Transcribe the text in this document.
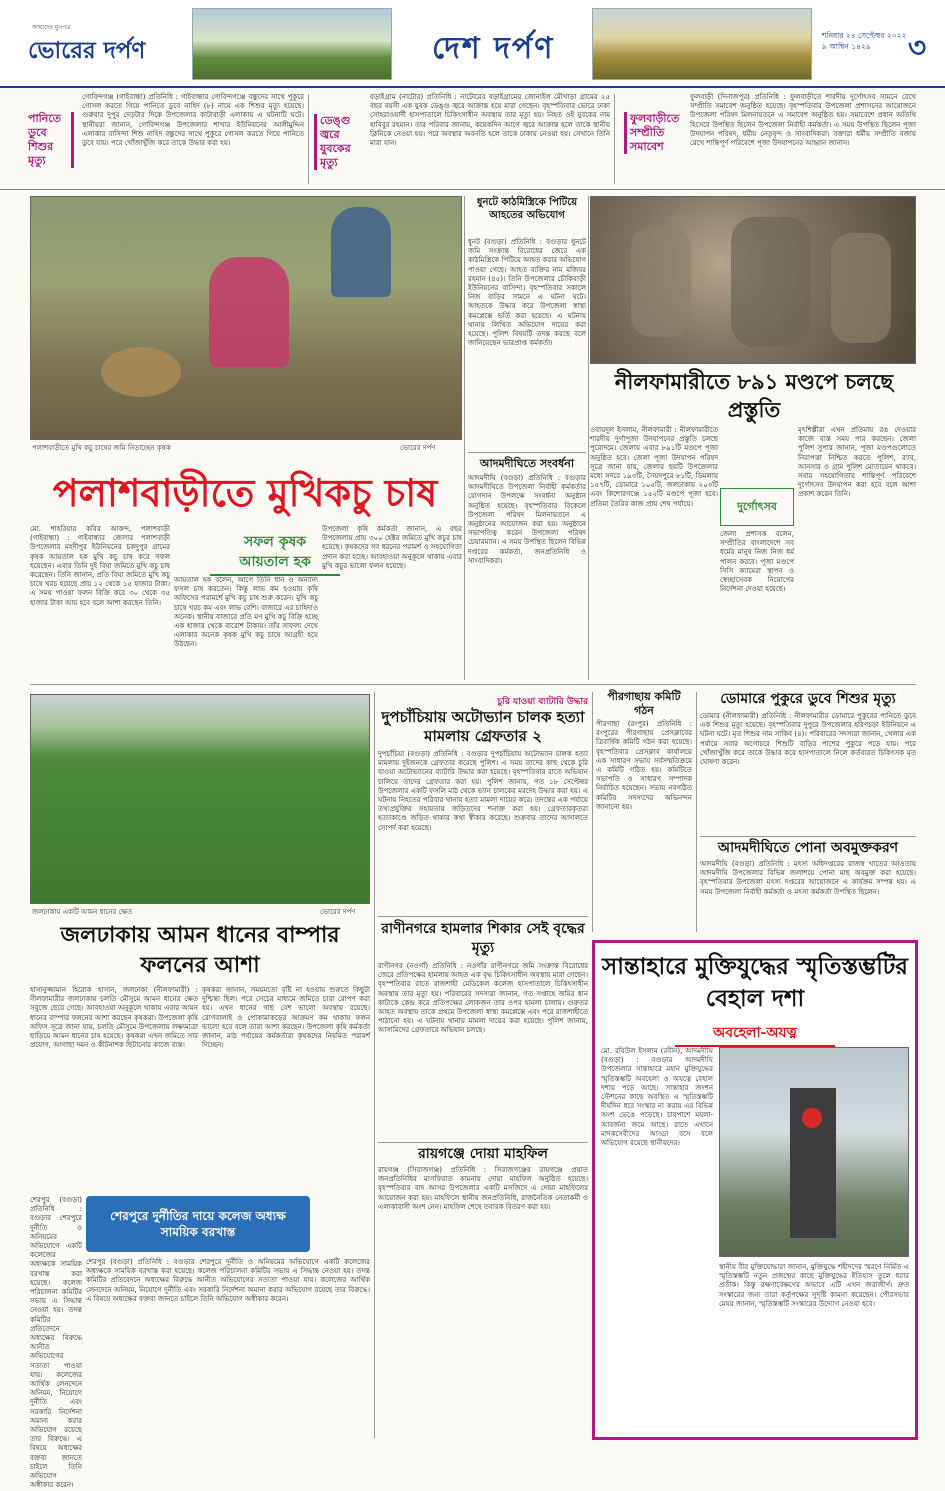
আমাদের মুখপত্র
ভোরের দর্পণ	দেশ দর্পণ	শনিবার ২৪ সেপ্টেম্বর ২০২২
৯ আশ্বিন ১৪২৯	৩
পানিতে ডুবে শিশুর মৃত্যু
গোবিন্দগঞ্জ (গাইবান্ধা) প্রতিনিধি : গাইবান্ধার গোবিন্দগঞ্জে বন্ধুদের সাথে পুকুরে গোসল করতে গিয়ে পানিতে ডুবে নাহিদ (৮) নামে এক শিশুর মৃত্যু হয়েছে। গুরুবার দুপুর দেড়টার দিকে উপজেলার কাটাবাড়ী এলাকায় এ ঘটনাটি ঘটে। স্থানীয়রা জানান, গোবিন্দগঞ্জ উপজেলার শাখার ইউনিয়নের আলীমুদ্দিন এলাকার বাসিন্দা শিশু নাহিদ বন্ধুদের সাথে পুকুরে গোসল করতে গিয়ে পানিতে ডুবে যায়। পরে খোঁজাখুঁজি করে তাকে উদ্ধার করা হয়।
ডেঙ্গু জ্বরে যুবকের মৃত্যু
বড়াইগ্রাম (নাটোর) প্রতিনিধি : নাটোরের বড়াইগ্রামের জোনাইল মৌখাড়া গ্রামের ২৫ বছর বয়সী এক যুবক ডেঙ্গু জ্বরে আক্রান্ত হয়ে মারা গেছেন। বৃহস্পতিবার ভোরে ঢাকা সোহরাওয়ার্দী হাসপাতালে চিকিৎসাধীন অবস্থায় তার মৃত্যু হয়। নিহত ওই যুবকের নাম হাবিবুর রহমান। তার পরিবার জানায়, কয়েকদিন আগে জ্বরে আক্রান্ত হলে তাকে স্থানীয় ক্লিনিকে নেওয়া হয়। পরে অবস্থার অবনতি হলে তাকে ঢাকায় নেওয়া হয়। সেখানে তিনি মারা যান।
ফুলবাড়ীতে সম্প্রীতি সমাবেশ
ফুলবাড়ী (দিনাজপুর) প্রতিনিধি : ফুলবাড়ীতে শারদীয় দুর্গোৎসব সামনে রেখে সম্প্রীতি সমাবেশ অনুষ্ঠিত হয়েছে। বৃহস্পতিবার উপজেলা প্রশাসনের আয়োজনে উপজেলা পরিষদ মিলনায়তনে এ সমাবেশ অনুষ্ঠিত হয়। সমাবেশে প্রধান অতিথি হিসেবে উপস্থিত ছিলেন উপজেলা নির্বাহী কর্মকর্তা। এ সময় উপস্থিত ছিলেন পূজা উদযাপন পরিষদ, ধর্মীয় নেতৃবৃন্দ ও সাংবাদিকরা। বক্তারা ধর্মীয় সম্প্রীতি বজায় রেখে শান্তিপূর্ণ পরিবেশে পূজা উদযাপনের আহ্বান জানান।
পলাশবাড়ীতে মুখি কচু চাষের জমি নিড়াচ্ছেন কৃষক	ভোরের দর্পণ
ধুনটে কাঠমিস্ত্রিকে পিটিয়ে আহতের অভিযোগ
ধুনট (বগুড়া) প্রতিনিধি : বগুড়ার ধুনটে জমি সংক্রান্ত বিরোধের জেরে এক কাঠমিস্ত্রিকে পিটিয়ে আহত করার অভিযোগ পাওয়া গেছে। আহত ব্যক্তির নাম মজিবর রহমান (৪৫)। তিনি উপজেলার চৌকিবাড়ী ইউনিয়নের বাসিন্দা। বৃহস্পতিবার সকালে নিজ বাড়ির সামনে এ ঘটনা ঘটে। আহতকে উদ্ধার করে উপজেলা স্বাস্থ্য কমপ্লেক্সে ভর্তি করা হয়েছে। এ ঘটনায় থানায় লিখিত অভিযোগ দায়ের করা হয়েছে। পুলিশ বিষয়টি তদন্ত করছে বলে জানিয়েছেন ভারপ্রাপ্ত কর্মকর্তা।
নীলফামারীতে ৮৯১ মণ্ডপে চলছে প্রস্তুতি
পলাশবাড়ীতে মুখিকচু চাষ
সফল কৃষক
আয়তাল হক
মো. শাহরিয়ার কবির আকন্দ, পলাশবাড়ী (গাইবান্ধা) : গাইবান্ধার জেলার পলাশবাড়ী উপজেলার মহদীপুর ইউনিয়নের চকদুপুর গ্রামের কৃষক আয়তাল হক মুখি কচু চাষ করে সফল হয়েছেন। এবার তিনি দুই বিঘা জমিতে মুখি কচু চাষ করেছেন। তিনি জানান, প্রতি বিঘা জমিতে মুখি কচু চাষে খরচ হয়েছে প্রায় ১২ থেকে ১৫ হাজার টাকা। এ সময় পাওয়া ফলন বিক্রি করে ৩০ থেকে ৩৫ হাজার টাকা আয় হবে বলে আশা করছেন তিনি।
আয়তাল হক বলেন, আগে তিনি ধান ও অন্যান্য ফসল চাষ করতেন। কিন্তু লাভ কম হওয়ায় কৃষি অফিসের পরামর্শে মুখি কচু চাষ শুরু করেন। মুখি কচু চাষে খরচ কম এবং লাভ বেশি। বাজারে এর চাহিদাও অনেক। স্থানীয় বাজারে প্রতি মণ মুখি কচু বিক্রি হচ্ছে এক হাজার থেকে বারোশ টাকায়। তাঁর সাফল্য দেখে এলাকার অনেক কৃষক মুখি কচু চাষে আগ্রহী হয়ে উঠছেন।
উপজেলা কৃষি কর্মকর্তা জানান, এ বছর উপজেলায় প্রায় ৩০০ হেক্টর জমিতে মুখি কচুর চাষ হয়েছে। কৃষকদের সব ধরনের পরামর্শ ও সহযোগিতা প্রদান করা হচ্ছে। আবহাওয়া অনুকূলে থাকায় এবার মুখি কচুর ভালো ফলন হয়েছে।
আদমদীঘিতে সংবর্ধনা
আদমদীঘি (বগুড়া) প্রতিনিধি : বগুড়ার আদমদীঘিতে উপজেলা নির্বাহী কর্মকর্তার যোগদান উপলক্ষে সংবর্ধনা অনুষ্ঠান অনুষ্ঠিত হয়েছে। বৃহস্পতিবার বিকেলে উপজেলা পরিষদ মিলনায়তনে এ অনুষ্ঠানের আয়োজন করা হয়। অনুষ্ঠানে সভাপতিত্ব করেন উপজেলা পরিষদ চেয়ারম্যান। এ সময় উপস্থিত ছিলেন বিভিন্ন দপ্তরের কর্মকর্তা, জনপ্রতিনিধি ও সাংবাদিকরা।
ওবায়দুল ইসলাম, নীলফামারী : নীলফামারীতে শারদীয় দুর্গাপূজা উদযাপনের প্রস্তুতি চলছে পুরোদমে। জেলায় এবার ৮৯১টি মণ্ডপে পূজা অনুষ্ঠিত হবে। জেলা পূজা উদযাপন পরিষদ সূত্রে জানা যায়, জেলার ছয়টি উপজেলার মধ্যে সদরে ১৯৩টি, সৈয়দপুরে ৮১টি, ডিমলায় ১৫৭টি, ডোমারে ১০৫টি, জলঢাকায় ২০৩টি এবং কিশোরগঞ্জে ১৫২টি মণ্ডপে পূজা হবে। প্রতিমা তৈরির কাজ প্রায় শেষ পর্যায়ে।	দুর্গোৎসব
জেলা প্রশাসক বলেন, সম্প্রীতির বাংলাদেশে সব ধর্মের মানুষ নিজ নিজ ধর্ম পালন করবে। পূজা মণ্ডপে সিসি ক্যামেরা স্থাপন ও স্বেচ্ছাসেবক নিয়োগের নির্দেশনা দেওয়া হয়েছে।
মৃৎশিল্পীরা এখন প্রতিমায় রঙ দেওয়ার কাজে ব্যস্ত সময় পার করছেন। জেলা পুলিশ সুপার জানান, পূজা মণ্ডপগুলোতে নিরাপত্তা নিশ্চিত করতে পুলিশ, র‌্যাব, আনসার ও গ্রাম পুলিশ মোতায়েন থাকবে। সবার সহযোগিতায় শান্তিপূর্ণ পরিবেশে দুর্গোৎসব উদযাপন করা হবে বলে আশা প্রকাশ করেন তিনি।
জলঢাকায় একটি আমন ধানের ক্ষেত	ভোরের দর্পণ
জলঢাকায় আমন ধানের বাম্পার ফলনের আশা
হাসানুজ্জামান হিরোক হাসান, জলঢাকা (নীলফামারী) : নীলফামারীর জলঢাকায় চলতি মৌসুমে আমন ধানের ক্ষেত সবুজে ছেয়ে গেছে। আবহাওয়া অনুকূলে থাকায় এবার আমন ধানের বাম্পার ফলনের আশা করছেন কৃষকরা। উপজেলা কৃষি অফিস সূত্রে জানা যায়, চলতি মৌসুমে উপজেলায় লক্ষ্যমাত্রা ছাড়িয়ে আমন ধানের চাষ হয়েছে। কৃষকরা এখন জমিতে সার প্রয়োগ, আগাছা দমন ও কীটনাশক ছিটানোর কাজে ব্যস্ত।
কৃষকরা জানান, সময়মতো বৃষ্টি না হওয়ায় শুরুতে কিছুটা দুশ্চিন্তা ছিল। পরে সেচের মাধ্যমে জমিতে চারা রোপণ করা হয়। এখন ধানের গাছ বেশ ভালো অবস্থায় রয়েছে। রোগবালাই ও পোকামাকড়ের আক্রমণ কম থাকায় ফলন ভালো হবে বলে তারা আশা করছেন। উপজেলা কৃষি কর্মকর্তা জানান, মাঠ পর্যায়ের কর্মকর্তারা কৃষকদের নিয়মিত পরামর্শ দিচ্ছেন।
চুরি যাওয়া ব্যাটারি উদ্ধার
দুপচাঁচিয়ায় অটোভ্যান চালক হত্যা মামলায় গ্রেফতার ২
দুপচাঁচিয়া (বগুড়া) প্রতিনিধি : বগুড়ার দুপচাঁচিয়ায় অটোভ্যান চালক হত্যা মামলায় দুইজনকে গ্রেফতার করেছে পুলিশ। এ সময় তাদের কাছ থেকে চুরি যাওয়া অটোভ্যানের ব্যাটারি উদ্ধার করা হয়েছে। বৃহস্পতিবার রাতে অভিযান চালিয়ে তাদের গ্রেফতার করা হয়। পুলিশ জানায়, গত ১৮ সেপ্টেম্বর উপজেলার একটি ফসলি মাঠ থেকে ভ্যান চালকের মরদেহ উদ্ধার করা হয়। এ ঘটনায় নিহতের পরিবার থানায় হত্যা মামলা দায়ের করে। তদন্তের এক পর্যায়ে তথ্যপ্রযুক্তির সহায়তায় জড়িতদের শনাক্ত করা হয়। গ্রেফতারকৃতরা হত্যাকাণ্ডে জড়িত থাকার কথা স্বীকার করেছে। শুক্রবার তাদের আদালতে সোপর্দ করা হয়েছে।
পীরগাছায় কমিটি গঠন
পীরগাছা (রংপুর) প্রতিনিধি : রংপুরের পীরগাছায় প্রেসক্লাবের ত্রিবার্ষিক কমিটি গঠন করা হয়েছে। বৃহস্পতিবার প্রেসক্লাব কার্যালয়ে এক সাধারণ সভায় সর্বসম্মতিক্রমে এ কমিটি গঠিত হয়। কমিটিতে সভাপতি ও সাধারণ সম্পাদক নির্বাচিত হয়েছেন। সভায় নবগঠিত কমিটির সদস্যদের অভিনন্দন জানানো হয়।
ডোমারে পুকুরে ডুবে শিশুর মৃত্যু
ডোমার (নীলফামারী) প্রতিনিধি : নীলফামারীর ডোমারে পুকুরের পানিতে ডুবে এক শিশুর মৃত্যু হয়েছে। বৃহস্পতিবার দুপুরে উপজেলার হরিণচড়া ইউনিয়নে এ ঘটনা ঘটে। মৃত শিশুর নাম সাকিব (৪)। পরিবারের সদস্যরা জানান, খেলার এক পর্যায়ে সবার অগোচরে শিশুটি বাড়ির পাশের পুকুরে পড়ে যায়। পরে খোঁজাখুঁজি করে তাকে উদ্ধার করে হাসপাতালে নিলে কর্তব্যরত চিকিৎসক মৃত ঘোষণা করেন।
আদমদীঘিতে পোনা অবমুক্তকরণ
আদমদীঘি (বগুড়া) প্রতিনিধি : মৎস্য অধিদপ্তরের রাজস্ব খাতের আওতায় আদমদীঘি উপজেলার বিভিন্ন জলাশয়ে পোনা মাছ অবমুক্ত করা হয়েছে। বৃহস্পতিবার উপজেলা মৎস্য দপ্তরের আয়োজনে এ কার্যক্রম সম্পন্ন হয়। এ সময় উপজেলা নির্বাহী কর্মকর্তা ও মৎস্য কর্মকর্তা উপস্থিত ছিলেন।
রাণীনগরে হামলার শিকার সেই বৃদ্ধের মৃত্যু
রাণীনগর (নওগাঁ) প্রতিনিধি : নওগাঁর রাণীনগরে জমি সংক্রান্ত বিরোধের জেরে প্রতিপক্ষের হামলায় আহত এক বৃদ্ধ চিকিৎসাধীন অবস্থায় মারা গেছেন। বৃহস্পতিবার রাতে রাজশাহী মেডিকেল কলেজ হাসপাতালে চিকিৎসাধীন অবস্থায় তার মৃত্যু হয়। পরিবারের সদস্যরা জানান, গত সপ্তাহে জমির ধান কাটাকে কেন্দ্র করে প্রতিপক্ষের লোকজন তার ওপর হামলা চালায়। গুরুতর আহত অবস্থায় তাকে প্রথমে উপজেলা স্বাস্থ্য কমপ্লেক্সে এবং পরে রাজশাহীতে পাঠানো হয়। এ ঘটনায় থানায় মামলা দায়ের করা হয়েছে। পুলিশ জানায়, আসামিদের গ্রেফতারে অভিযান চলছে।
রায়গঞ্জে দোয়া মাহফিল
রায়গঞ্জ (সিরাজগঞ্জ) প্রতিনিধি : সিরাজগঞ্জের রায়গঞ্জে প্রয়াত জনপ্রতিনিধির মাগফিরাত কামনায় দোয়া মাহফিল অনুষ্ঠিত হয়েছে। বৃহস্পতিবার বাদ আসর উপজেলার একটি মসজিদে এ দোয়া মাহফিলের আয়োজন করা হয়। মাহফিলে স্থানীয় জনপ্রতিনিধি, রাজনৈতিক নেতাকর্মী ও এলাকাবাসী অংশ নেন। মাহফিল শেষে তবারক বিতরণ করা হয়।
শেরপুরে দুর্নীতির দায়ে কলেজ অধ্যক্ষ সাময়িক বরখাস্ত
শেরপুর (বগুড়া) প্রতিনিধি : বগুড়ার শেরপুরে দুর্নীতি ও অনিয়মের অভিযোগে একটি কলেজের অধ্যক্ষকে সাময়িক বরখাস্ত করা হয়েছে। কলেজ পরিচালনা কমিটির সভায় এ সিদ্ধান্ত নেওয়া হয়। তদন্ত কমিটির প্রতিবেদনে অধ্যক্ষের বিরুদ্ধে আনীত অভিযোগের সত্যতা পাওয়া যায়। কলেজের আর্থিক লেনদেনে অনিয়ম, নিয়োগে দুর্নীতি এবং সরকারি নির্দেশনা অমান্য করার অভিযোগ রয়েছে তার বিরুদ্ধে। এ বিষয়ে অধ্যক্ষের বক্তব্য জানতে চাইলে তিনি অভিযোগ অস্বীকার করেন।
শেরপুর (বগুড়া) প্রতিনিধি : বগুড়ার শেরপুরে দুর্নীতি ও অনিয়মের অভিযোগে একটি কলেজের অধ্যক্ষকে সাময়িক বরখাস্ত করা হয়েছে। কলেজ পরিচালনা কমিটির সভায় এ সিদ্ধান্ত নেওয়া হয়। তদন্ত কমিটির প্রতিবেদনে অধ্যক্ষের বিরুদ্ধে আনীত অভিযোগের সত্যতা পাওয়া যায়। কলেজের আর্থিক লেনদেনে অনিয়ম, নিয়োগে দুর্নীতি এবং সরকারি নির্দেশনা অমান্য করার অভিযোগ রয়েছে তার বিরুদ্ধে। এ বিষয়ে অধ্যক্ষের বক্তব্য জানতে চাইলে তিনি অভিযোগ অস্বীকার করেন।
সান্তাহারে মুক্তিযুদ্ধের স্মৃতিস্তম্ভটির বেহাল দশা
অবহেলা-অযত্ন
মো. রবিউল ইসলাম (রবীন), আদমদীঘি (বগুড়া) : বগুড়ার আদমদীঘি উপজেলার সান্তাহারে মহান মুক্তিযুদ্ধের স্মৃতিস্তম্ভটি অবহেলা ও অযত্নে বেহাল দশায় পড়ে আছে। সান্তাহার জংশন স্টেশনের কাছে অবস্থিত এ স্মৃতিস্তম্ভটি দীর্ঘদিন ধরে সংস্কার না করায় এর বিভিন্ন অংশ ভেঙে পড়েছে। চারপাশে ময়লা-আবর্জনা জমে আছে। রাতে এখানে মাদকসেবীদের আড্ডা বসে বলে অভিযোগ রয়েছে স্থানীয়দের।
স্থানীয় বীর মুক্তিযোদ্ধারা জানান, মুক্তিযুদ্ধে শহীদদের স্মরণে নির্মিত এ স্মৃতিস্তম্ভটি নতুন প্রজন্মের কাছে মুক্তিযুদ্ধের ইতিহাস তুলে ধরার প্রতীক। কিন্তু রক্ষণাবেক্ষণের অভাবে এটি এখন জরাজীর্ণ। দ্রুত সংস্কারের জন্য তারা কর্তৃপক্ষের সুদৃষ্টি কামনা করেছেন। পৌরসভার মেয়র জানান, স্মৃতিস্তম্ভটি সংস্কারের উদ্যোগ নেওয়া হবে।
